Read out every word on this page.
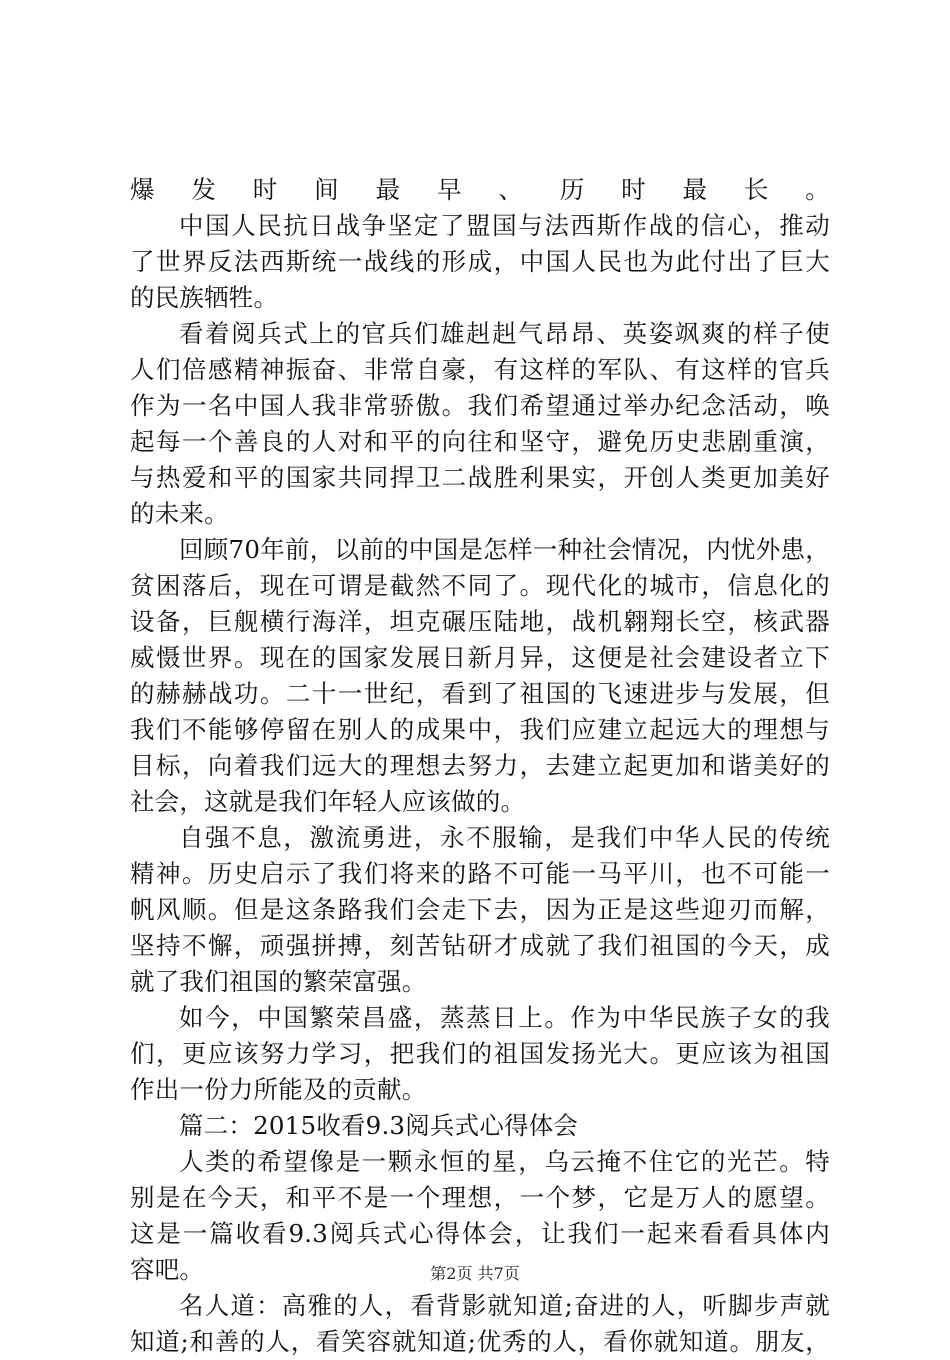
爆发时间最早、历时最长。
中国人民抗日战争坚定了盟国与法西斯作战的信心，推动
了世界反法西斯统一战线的形成，中国人民也为此付出了巨大
的民族牺牲。
看着阅兵式上的官兵们雄赳赳气昂昂、英姿飒爽的样子使
人们倍感精神振奋、非常自豪，有这样的军队、有这样的官兵
作为一名中国人我非常骄傲。我们希望通过举办纪念活动，唤
起每一个善良的人对和平的向往和坚守，避免历史悲剧重演，
与热爱和平的国家共同捍卫二战胜利果实，开创人类更加美好
的未来。
回顾70年前，以前的中国是怎样一种社会情况，内忧外患，
贫困落后，现在可谓是截然不同了。现代化的城市，信息化的
设备，巨舰横行海洋，坦克碾压陆地，战机翱翔长空，核武器
威慑世界。现在的国家发展日新月异，这便是社会建设者立下
的赫赫战功。二十一世纪，看到了祖国的飞速进步与发展，但
我们不能够停留在别人的成果中，我们应建立起远大的理想与
目标，向着我们远大的理想去努力，去建立起更加和谐美好的
社会，这就是我们年轻人应该做的。
自强不息，激流勇进，永不服输，是我们中华人民的传统
精神。历史启示了我们将来的路不可能一马平川，也不可能一
帆风顺。但是这条路我们会走下去，因为正是这些迎刃而解，
坚持不懈，顽强拼搏，刻苦钻研才成就了我们祖国的今天，成
就了我们祖国的繁荣富强。
如今，中国繁荣昌盛，蒸蒸日上。作为中华民族子女的我
们，更应该努力学习，把我们的祖国发扬光大。更应该为祖国
作出一份力所能及的贡献。
篇二：2015收看9.3阅兵式心得体会
人类的希望像是一颗永恒的星，乌云掩不住它的光芒。特
别是在今天，和平不是一个理想，一个梦，它是万人的愿望。
这是一篇收看9.3阅兵式心得体会，让我们一起来看看具体内
容吧。
名人道：高雅的人，看背影就知道;奋进的人，听脚步声就
知道;和善的人，看笑容就知道;优秀的人，看你就知道。朋友，
第2页 共7页
